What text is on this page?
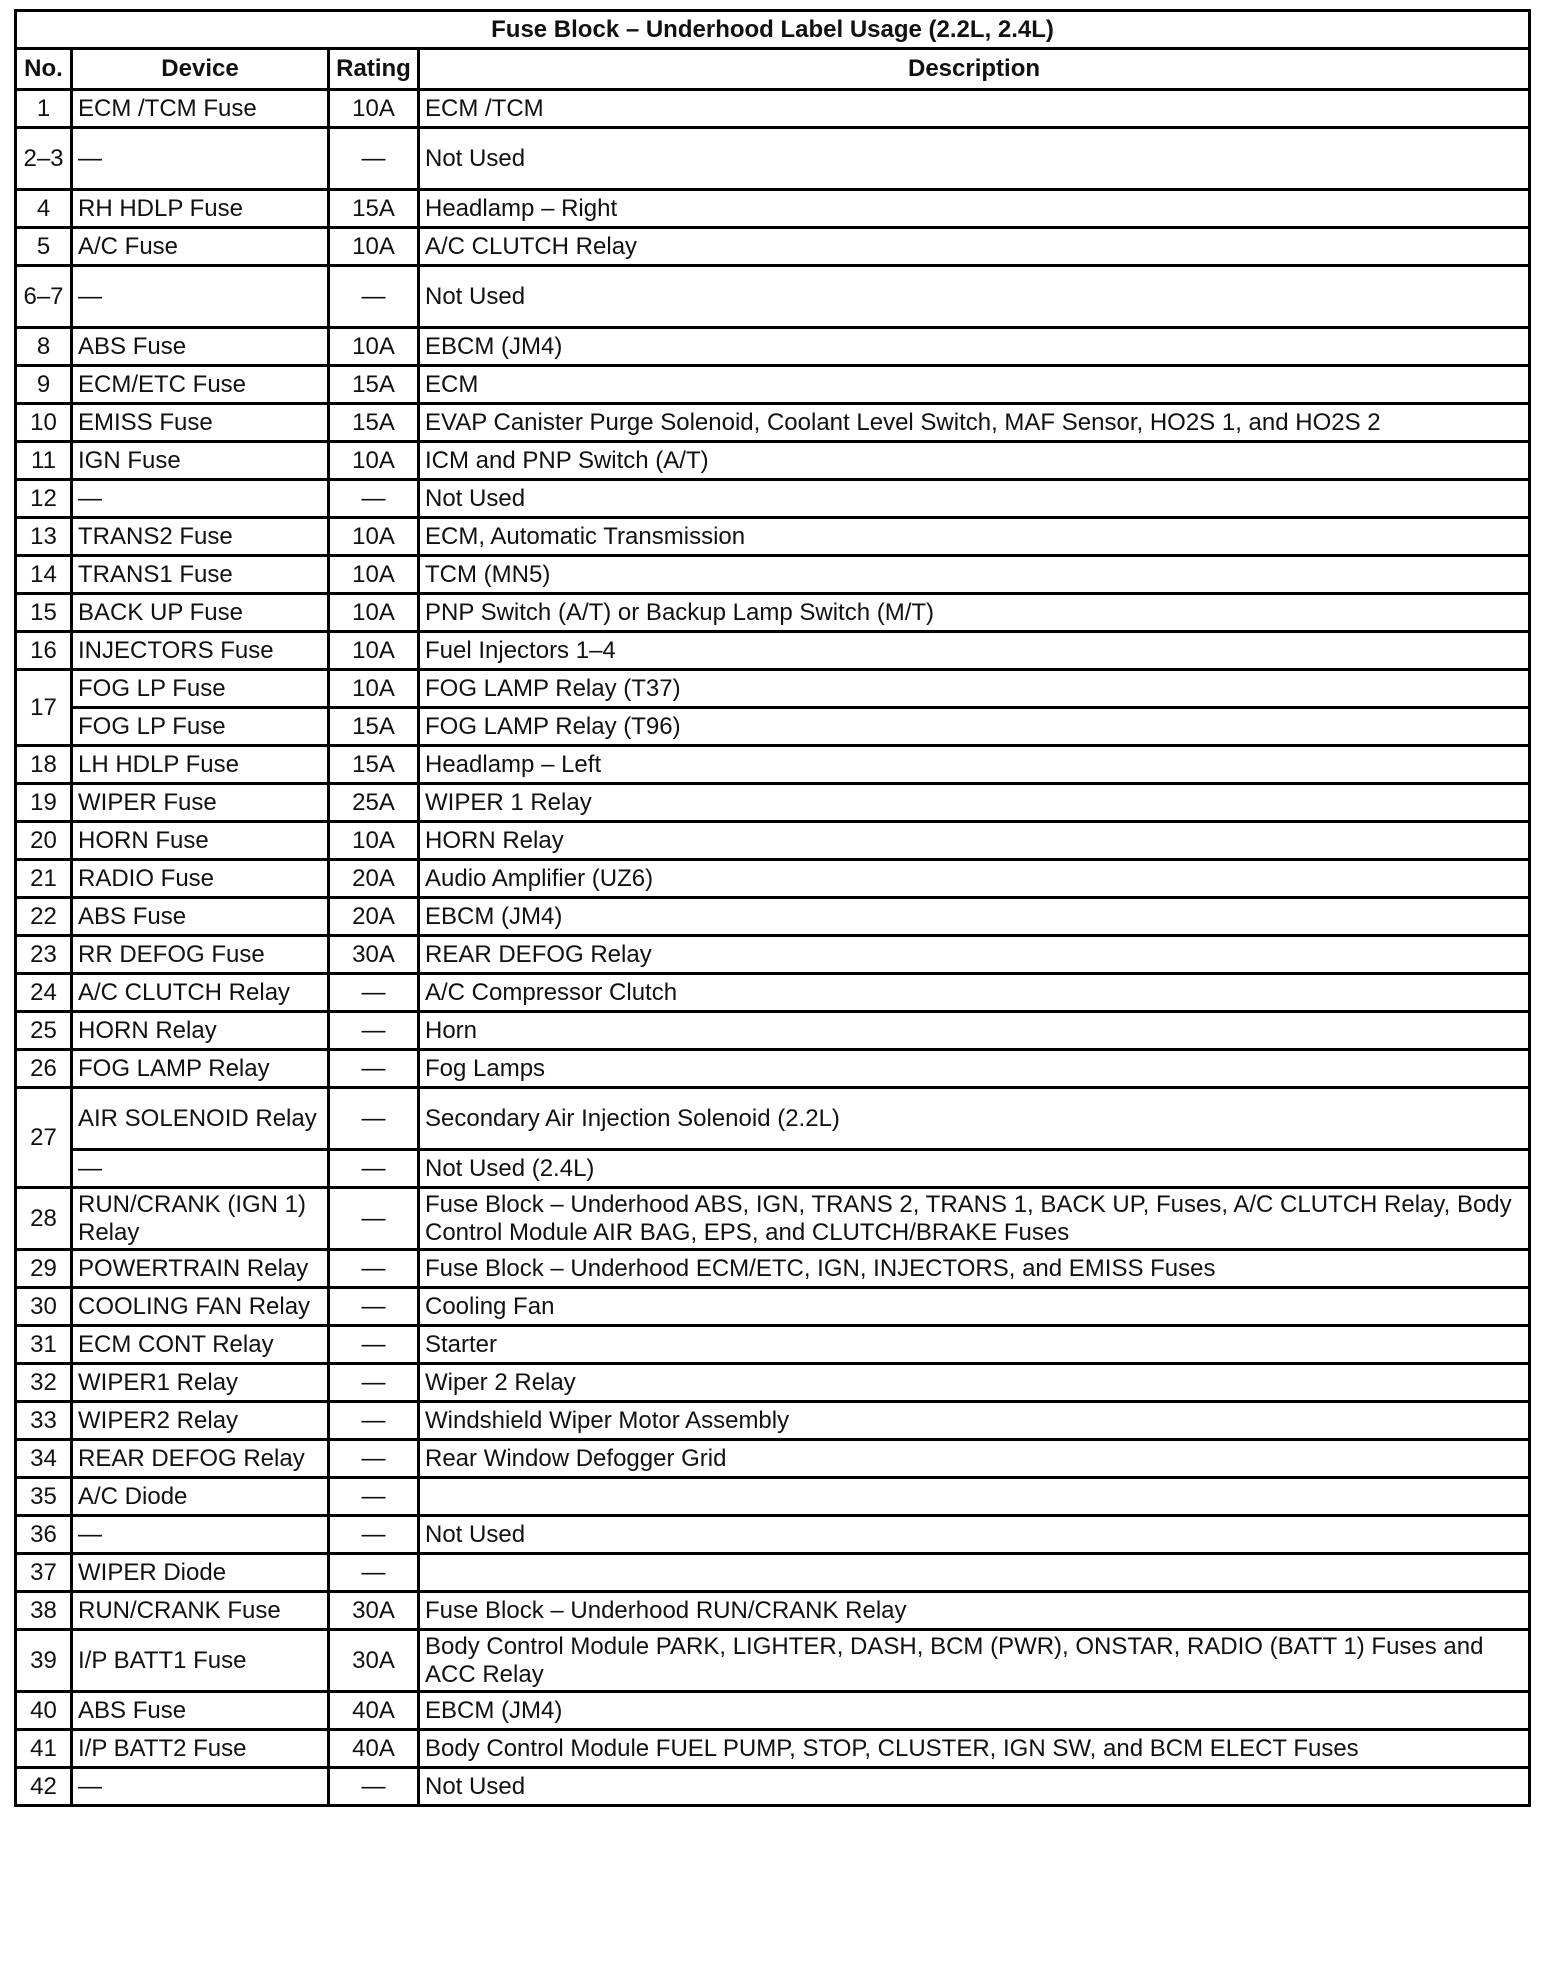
Fuse Block – Underhood Label Usage (2.2L, 2.4L)			
No.	Device	Rating	Description
1	ECM /TCM Fuse	10A	ECM /TCM
2–3	—	—	Not Used
4	RH HDLP Fuse	15A	Headlamp – Right
5	A/C Fuse	10A	A/C CLUTCH Relay
6–7	—	—	Not Used
8	ABS Fuse	10A	EBCM (JM4)
9	ECM/ETC Fuse	15A	ECM
10	EMISS Fuse	15A	EVAP Canister Purge Solenoid, Coolant Level Switch, MAF Sensor, HO2S 1, and HO2S 2
11	IGN Fuse	10A	ICM and PNP Switch (A/T)
12	—	—	Not Used
13	TRANS2 Fuse	10A	ECM, Automatic Transmission
14	TRANS1 Fuse	10A	TCM (MN5)
15	BACK UP Fuse	10A	PNP Switch (A/T) or Backup Lamp Switch (M/T)
16	INJECTORS Fuse	10A	Fuel Injectors 1–4
17	FOG LP Fuse	10A	FOG LAMP Relay (T37)
	FOG LP Fuse	15A	FOG LAMP Relay (T96)
18	LH HDLP Fuse	15A	Headlamp – Left
19	WIPER Fuse	25A	WIPER 1 Relay
20	HORN Fuse	10A	HORN Relay
21	RADIO Fuse	20A	Audio Amplifier (UZ6)
22	ABS Fuse	20A	EBCM (JM4)
23	RR DEFOG Fuse	30A	REAR DEFOG Relay
24	A/C CLUTCH Relay	—	A/C Compressor Clutch
25	HORN Relay	—	Horn
26	FOG LAMP Relay	—	Fog Lamps
27	AIR SOLENOID Relay	—	Secondary Air Injection Solenoid (2.2L)
	—	—	Not Used (2.4L)
28	RUN/CRANK (IGN 1) Relay	—	Fuse Block – Underhood ABS, IGN, TRANS 2, TRANS 1, BACK UP, Fuses, A/C CLUTCH Relay, Body Control Module AIR BAG, EPS, and CLUTCH/BRAKE Fuses
29	POWERTRAIN Relay	—	Fuse Block – Underhood ECM/ETC, IGN, INJECTORS, and EMISS Fuses
30	COOLING FAN Relay	—	Cooling Fan
31	ECM CONT Relay	—	Starter
32	WIPER1 Relay	—	Wiper 2 Relay
33	WIPER2 Relay	—	Windshield Wiper Motor Assembly
34	REAR DEFOG Relay	—	Rear Window Defogger Grid
35	A/C Diode	—	
36	—	—	Not Used
37	WIPER Diode	—	
38	RUN/CRANK Fuse	30A	Fuse Block – Underhood RUN/CRANK Relay
39	I/P BATT1 Fuse	30A	Body Control Module PARK, LIGHTER, DASH, BCM (PWR), ONSTAR, RADIO (BATT 1) Fuses and ACC Relay
40	ABS Fuse	40A	EBCM (JM4)
41	I/P BATT2 Fuse	40A	Body Control Module FUEL PUMP, STOP, CLUSTER, IGN SW, and BCM ELECT Fuses
42	—	—	Not Used
